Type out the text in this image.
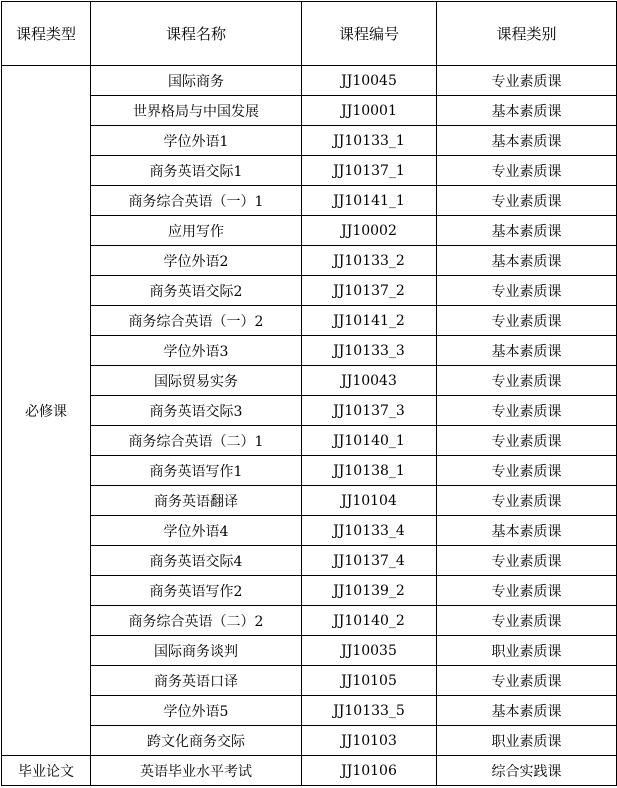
课程类型	课程名称	课程编号	课程类别
必修课	国际商务	JJ10045	专业素质课
	世界格局与中国发展	JJ10001	基本素质课
	学位外语1	JJ10133_1	基本素质课
	商务英语交际1	JJ10137_1	专业素质课
	商务综合英语（一）1	JJ10141_1	专业素质课
	应用写作	JJ10002	基本素质课
	学位外语2	JJ10133_2	基本素质课
	商务英语交际2	JJ10137_2	专业素质课
	商务综合英语（一）2	JJ10141_2	专业素质课
	学位外语3	JJ10133_3	基本素质课
	国际贸易实务	JJ10043	专业素质课
	商务英语交际3	JJ10137_3	专业素质课
	商务综合英语（二）1	JJ10140_1	专业素质课
	商务英语写作1	JJ10138_1	专业素质课
	商务英语翻译	JJ10104	专业素质课
	学位外语4	JJ10133_4	基本素质课
	商务英语交际4	JJ10137_4	专业素质课
	商务英语写作2	JJ10139_2	专业素质课
	商务综合英语（二）2	JJ10140_2	专业素质课
	国际商务谈判	JJ10035	职业素质课
	商务英语口译	JJ10105	专业素质课
	学位外语5	JJ10133_5	基本素质课
	跨文化商务交际	JJ10103	职业素质课
毕业论文	英语毕业水平考试	JJ10106	综合实践课
